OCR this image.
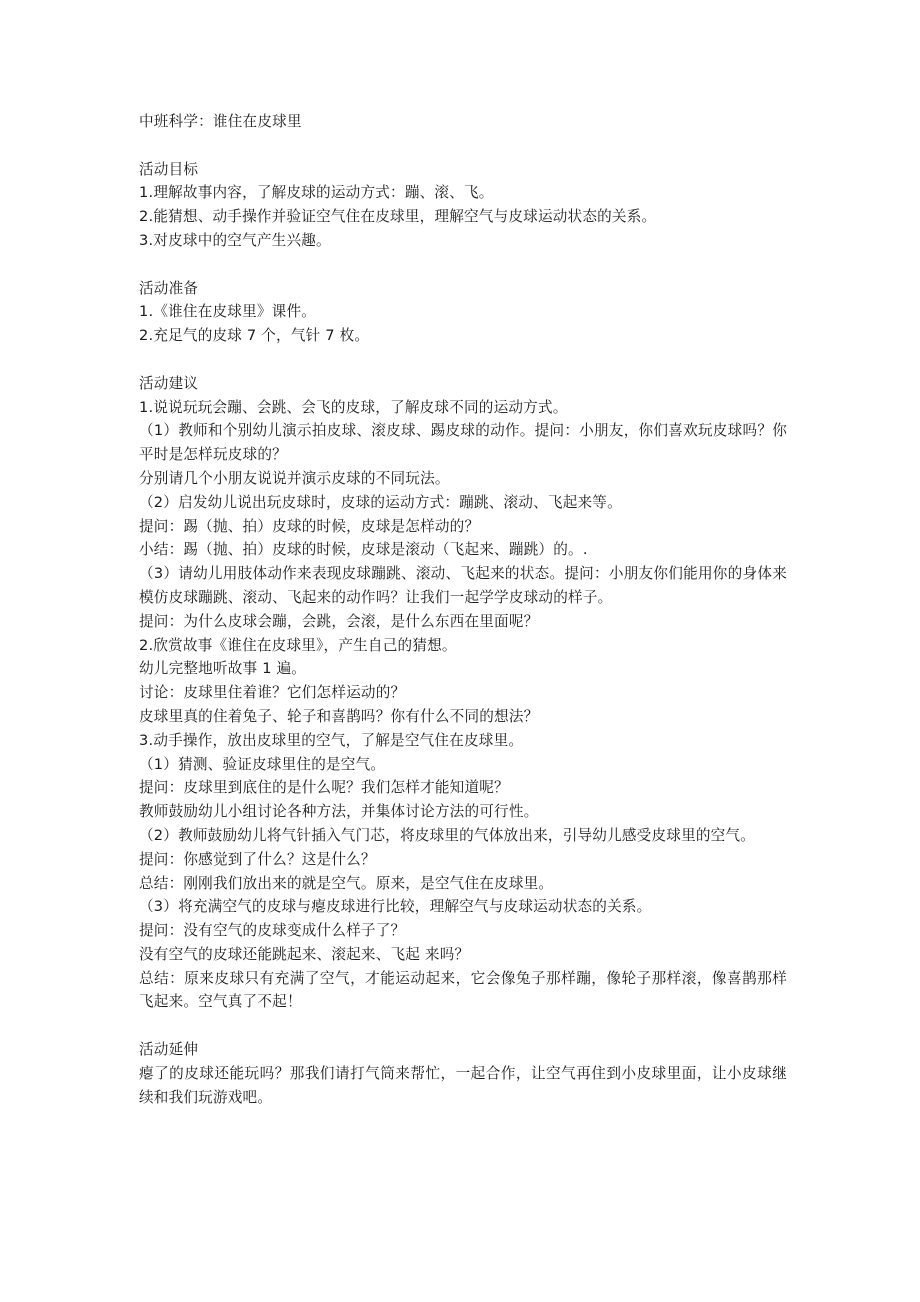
中班科学：谁住在皮球里
活动目标
1.理解故事内容，了解皮球的运动方式：蹦、滚、飞。
2.能猜想、动手操作并验证空气住在皮球里，理解空气与皮球运动状态的关系。
3.对皮球中的空气产生兴趣。
活动准备
1.《谁住在皮球里》课件。
2.充足气的皮球 7 个，气针 7 枚。
活动建议
1.说说玩玩会蹦、会跳、会飞的皮球，了解皮球不同的运动方式。
（1）教师和个别幼儿演示拍皮球、滚皮球、踢皮球的动作。提问：小朋友，你们喜欢玩皮球吗？你平时是怎样玩皮球的？
分别请几个小朋友说说并演示皮球的不同玩法。
（2）启发幼儿说出玩皮球时，皮球的运动方式：蹦跳、滚动、飞起来等。
提问：踢（抛、拍）皮球的时候，皮球是怎样动的？
小结：踢（抛、拍）皮球的时候，皮球是滚动（飞起来、蹦跳）的。.
（3）请幼儿用肢体动作来表现皮球蹦跳、滚动、飞起来的状态。提问：小朋友你们能用你的身体来模仿皮球蹦跳、滚动、飞起来的动作吗？让我们一起学学皮球动的样子。
提问：为什么皮球会蹦，会跳，会滚，是什么东西在里面呢？
2.欣赏故事《谁住在皮球里》，产生自己的猜想。
幼儿完整地听故事 1 遍。
讨论：皮球里住着谁？它们怎样运动的？
皮球里真的住着兔子、轮子和喜鹊吗？你有什么不同的想法？
3.动手操作，放出皮球里的空气，了解是空气住在皮球里。
（1）猜测、验证皮球里住的是空气。
提问：皮球里到底住的是什么呢？我们怎样才能知道呢？
教师鼓励幼儿小组讨论各种方法，并集体讨论方法的可行性。
（2）教师鼓励幼儿将气针插入气门芯，将皮球里的气体放出来，引导幼儿感受皮球里的空气。
提问：你感觉到了什么？这是什么？
总结：刚刚我们放出来的就是空气。原来，是空气住在皮球里。
（3）将充满空气的皮球与瘪皮球进行比较，理解空气与皮球运动状态的关系。
提问：没有空气的皮球变成什么样子了？
没有空气的皮球还能跳起来、滚起来、飞起 来吗？
总结：原来皮球只有充满了空气，才能运动起来，它会像兔子那样蹦，像轮子那样滚，像喜鹊那样飞起来。空气真了不起！
活动延伸
瘪了的皮球还能玩吗？那我们请打气筒来帮忙，一起合作，让空气再住到小皮球里面，让小皮球继续和我们玩游戏吧。
